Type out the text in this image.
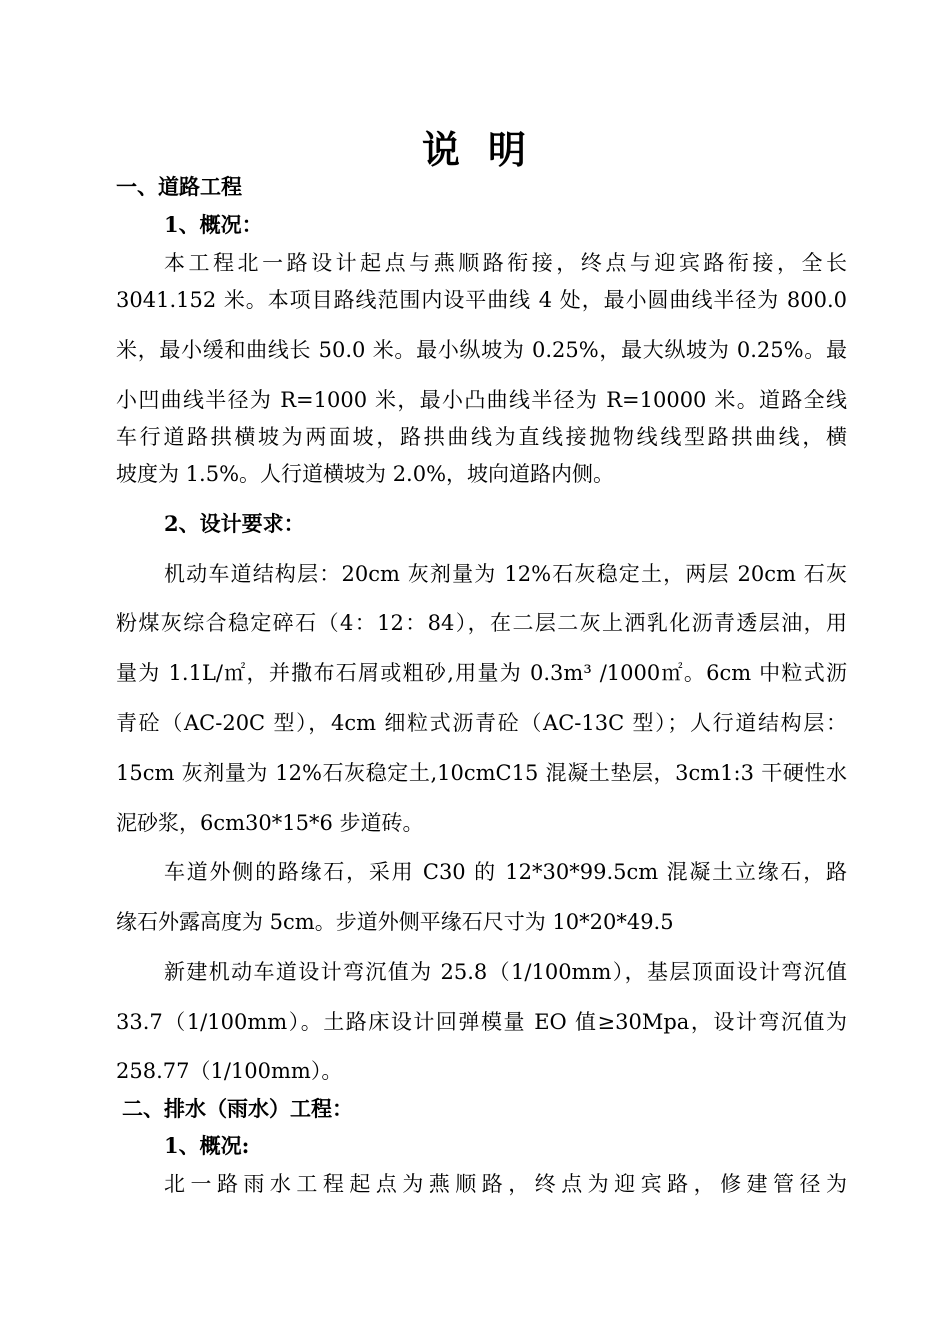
说 明
一、道路工程
1、概况：
本工程北一路设计起点与燕顺路衔接，终点与迎宾路衔接，全长
3041.152 米。本项目路线范围内设平曲线 4 处，最小圆曲线半径为 800.0
米，最小缓和曲线长 50.0 米。最小纵坡为 0.25%，最大纵坡为 0.25%。最
小凹曲线半径为 R=1000 米，最小凸曲线半径为 R=10000 米。道路全线
车行道路拱横坡为两面坡，路拱曲线为直线接抛物线线型路拱曲线，横
坡度为 1.5%。人行道横坡为 2.0%，坡向道路内侧。
2、设计要求：
机动车道结构层：20cm 灰剂量为 12%石灰稳定土，两层 20cm 石灰
粉煤灰综合稳定碎石（4：12：84），在二层二灰上洒乳化沥青透层油，用
量为 1.1L/㎡，并撒布石屑或粗砂,用量为 0.3m³ /1000㎡。6cm 中粒式沥
青砼（AC-20C 型），4cm 细粒式沥青砼（AC-13C 型）；人行道结构层：
15cm 灰剂量为 12%石灰稳定土,10cmC15 混凝土垫层，3cm1:3 干硬性水
泥砂浆，6cm30*15*6 步道砖。
车道外侧的路缘石，采用 C30 的 12*30*99.5cm 混凝土立缘石，路
缘石外露高度为 5cm。步道外侧平缘石尺寸为 10*20*49.5
新建机动车道设计弯沉值为 25.8（1/100mm），基层顶面设计弯沉值
33.7（1/100mm）。土路床设计回弹模量 EO 值≥30Mpa，设计弯沉值为
258.77（1/100mm）。
二、排水（雨水）工程：
1、概况:
北一路雨水工程起点为燕顺路，终点为迎宾路，修建管径为
